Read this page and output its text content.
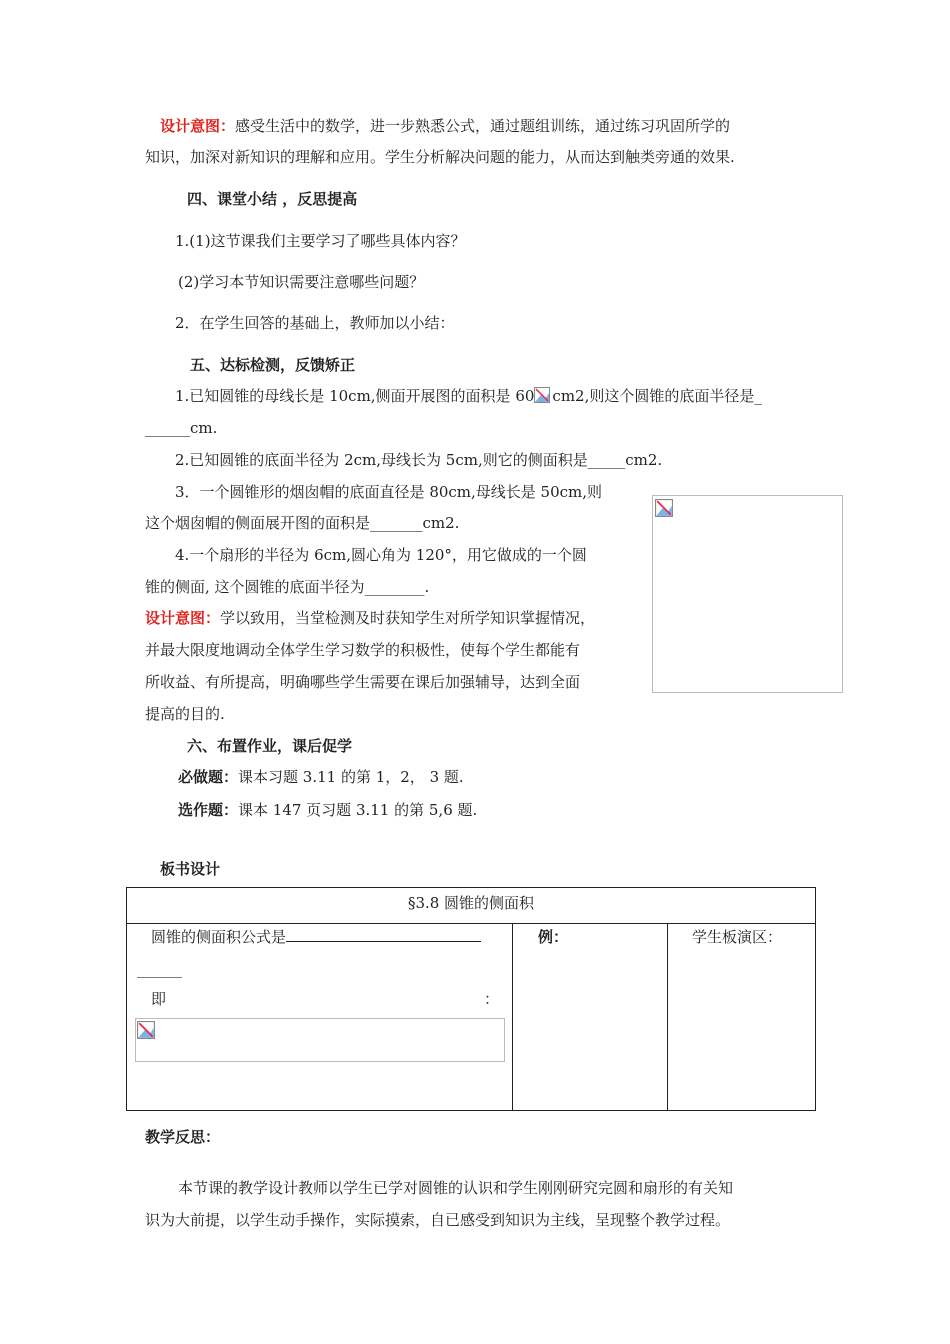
设计意图：感受生活中的数学，进一步熟悉公式，通过题组训练，通过练习巩固所学的
知识，加深对新知识的理解和应用。学生分析解决问题的能力，从而达到触类旁通的效果.
四、课堂小结 ，反思提高
1.(1)这节课我们主要学习了哪些具体内容？
(2)学习本节知识需要注意哪些问题？
2．在学生回答的基础上，教师加以小结：
五、达标检测，反馈矫正
1.已知圆锥的母线长是 10cm,侧面开展图的面积是 60 cm2,则这个圆锥的底面半径是_
______cm.
2.已知圆锥的底面半径为 2cm,母线长为 5cm,则它的侧面积是_____cm2.
3．一个圆锥形的烟囱帽的底面直径是 80cm,母线长是 50cm,则
这个烟囱帽的侧面展开图的面积是_______cm2.
4.一个扇形的半径为 6cm,圆心角为 120°，用它做成的一个圆
锥的侧面, 这个圆锥的底面半径为________.
设计意图：学以致用，当堂检测及时获知学生对所学知识掌握情况，
并最大限度地调动全体学生学习数学的积极性，使每个学生都能有
所收益、有所提高，明确哪些学生需要在课后加强辅导，达到全面
提高的目的.
六、布置作业，课后促学
必做题：课本习题 3.11 的第 1，2， 3 题.
选作题：课本 147 页习题 3.11 的第 5,6 题.
板书设计
§3.8 圆锥的侧面积

圆锥的侧面积公式是
______
即	：

例：	学生板演区：
教学反思：
本节课的教学设计教师以学生已学对圆锥的认识和学生刚刚研究完圆和扇形的有关知
识为大前提，以学生动手操作，实际摸索，自已感受到知识为主线，呈现整个教学过程。
